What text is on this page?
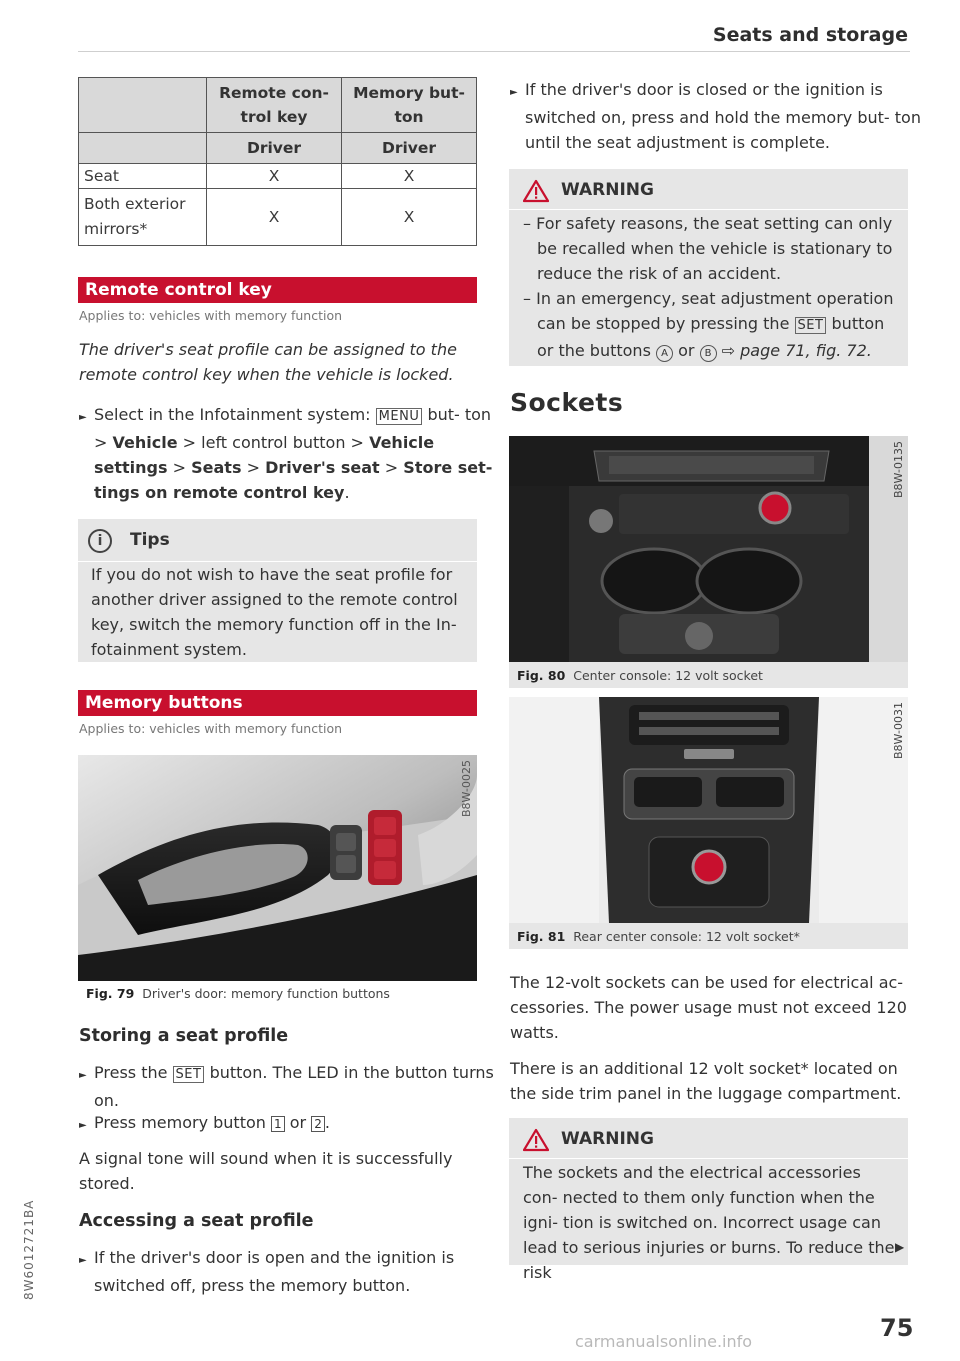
Seats and storage
	Remote con- trol key	Memory but- ton
	Driver	Driver
Seat	X	X
Both exterior mirrors*	X	X
Remote control key
Applies to: vehicles with memory function
The driver's seat profile can be assigned to the remote control key when the vehicle is locked.
► Select in the Infotainment system: MENU but- ton > Vehicle > left control button > Vehicle settings > Seats > Driver's seat > Store set- tings on remote control key.
i	Tips
If you do not wish to have the seat profile for another driver assigned to the remote control key, switch the memory function off in the In- fotainment system.
Memory buttons
Applies to: vehicles with memory function
B8W-0025
Fig. 79 Driver's door: memory function buttons
Storing a seat profile
► Press the SET button. The LED in the button turns on.
► Press memory button 1 or 2 .
A signal tone will sound when it is successfully stored.
Accessing a seat profile
► If the driver's door is open and the ignition is switched off, press the memory button.
► If the driver's door is closed or the ignition is switched on, press and hold the memory but- ton until the seat adjustment is complete.
WARNING
– For safety reasons, the seat setting can only be recalled when the vehicle is stationary to reduce the risk of an accident.
– In an emergency, seat adjustment operation can be stopped by pressing the SET button or the buttons A or B ⇨ page 71, fig. 72.
Sockets
B8W-0135
Fig. 80 Center console: 12 volt socket
B8W-0031
Fig. 81 Rear center console: 12 volt socket*
The 12-volt sockets can be used for electrical ac- cessories. The power usage must not exceed 120 watts.
There is an additional 12 volt socket* located on the side trim panel in the luggage compartment.
WARNING
The sockets and the electrical accessories con- nected to them only function when the igni- tion is switched on. Incorrect usage can lead to serious injuries or burns. To reduce the risk
▶
75
8W6012721BA
carmanualsonline.info
